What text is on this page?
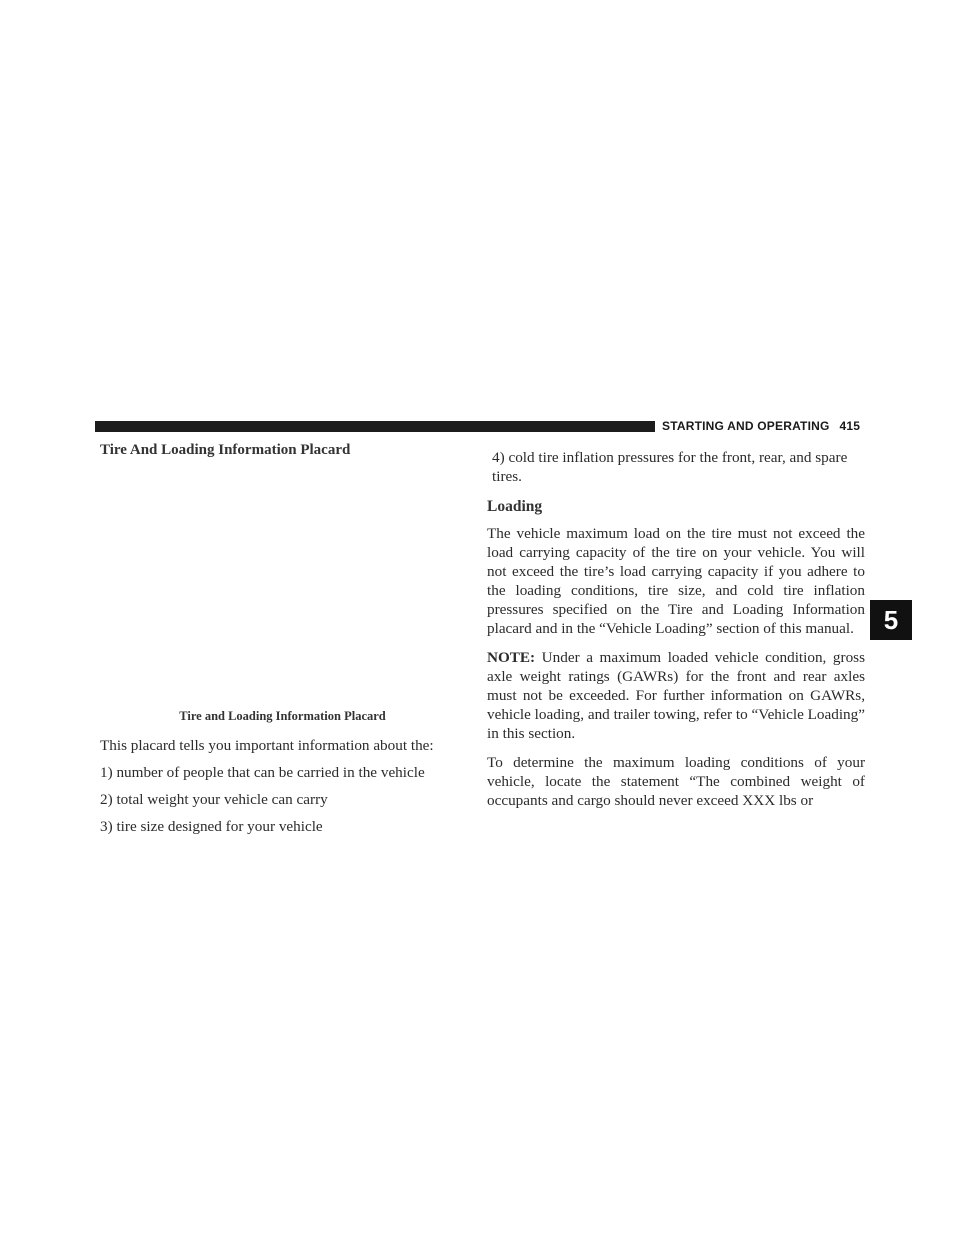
STARTING AND OPERATING 415
5

Tire And Loading Information Placard

Tire and Loading Information Placard

This placard tells you important information about the:

1) number of people that can be carried in the vehicle

2) total weight your vehicle can carry

3) tire size designed for your vehicle

4) cold tire inflation pressures for the front, rear, and spare tires.

Loading

The vehicle maximum load on the tire must not exceed the load carrying capacity of the tire on your vehicle. You will not exceed the tire’s load carrying capacity if you adhere to the loading conditions, tire size, and cold tire inflation pressures specified on the Tire and Loading Information placard and in the “Vehicle Loading” section of this manual.

NOTE: Under a maximum loaded vehicle condition, gross axle weight ratings (GAWRs) for the front and rear axles must not be exceeded. For further information on GAWRs, vehicle loading, and trailer towing, refer to “Vehicle Loading” in this section.

To determine the maximum loading conditions of your vehicle, locate the statement “The combined weight of occupants and cargo should never exceed XXX lbs or
